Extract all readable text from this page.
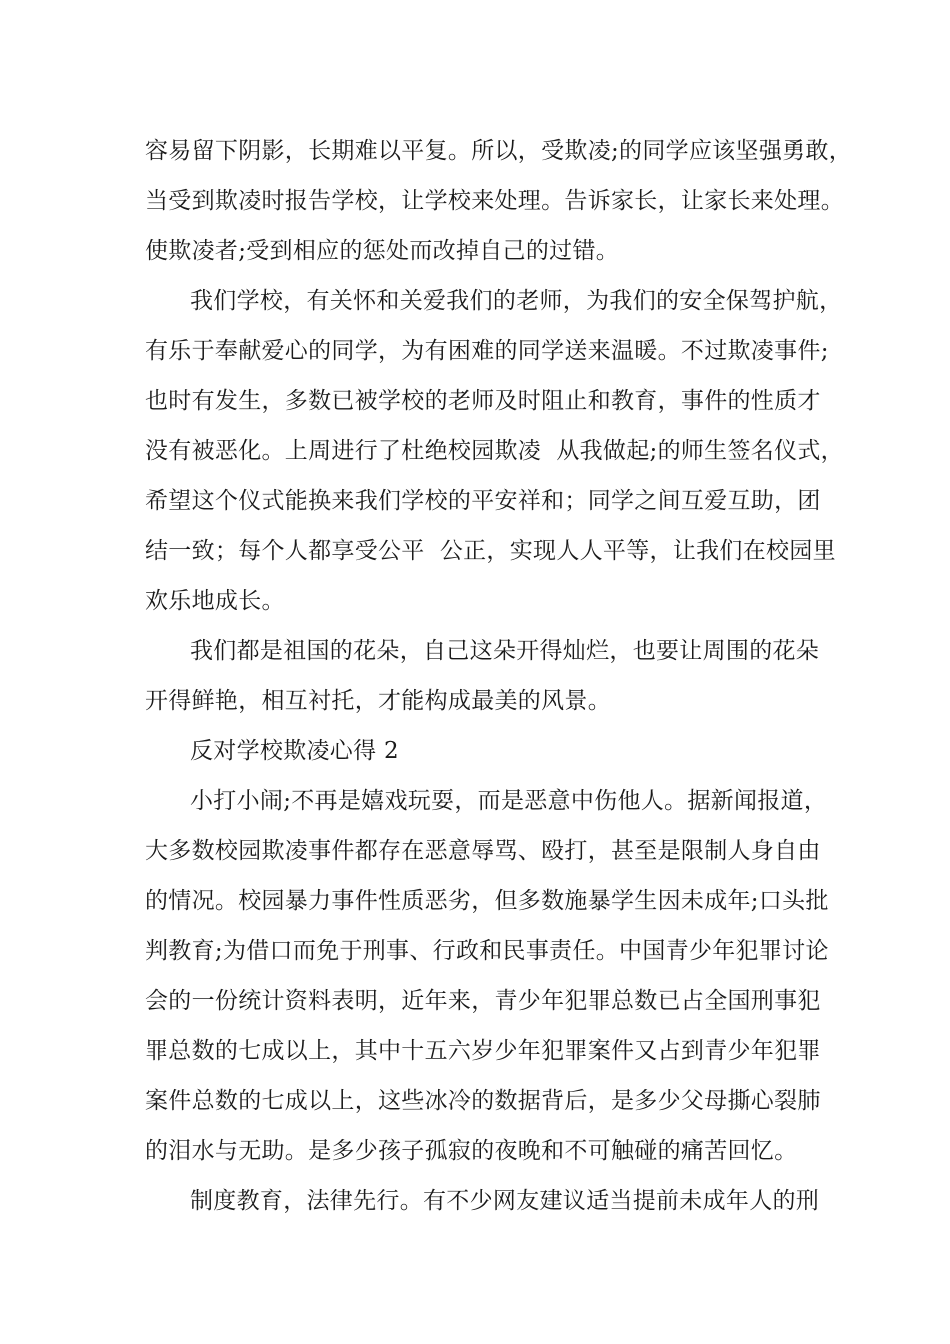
容易留下阴影，长期难以平复。所以，受欺凌;的同学应该坚强勇敢，
当受到欺凌时报告学校，让学校来处理。告诉家长，让家长来处理。
使欺凌者;受到相应的惩处而改掉自己的过错。
我们学校，有关怀和关爱我们的老师，为我们的安全保驾护航，
有乐于奉献爱心的同学，为有困难的同学送来温暖。不过欺凌事件;
也时有发生，多数已被学校的老师及时阻止和教育，事件的性质才
没有被恶化。上周进行了杜绝校园欺凌  从我做起;的师生签名仪式，
希望这个仪式能换来我们学校的平安祥和；同学之间互爱互助，团
结一致；每个人都享受公平  公正，实现人人平等，让我们在校园里
欢乐地成长。
我们都是祖国的花朵，自己这朵开得灿烂，也要让周围的花朵
开得鲜艳，相互衬托，才能构成最美的风景。
反对学校欺凌心得 2
小打小闹;不再是嬉戏玩耍，而是恶意中伤他人。据新闻报道，
大多数校园欺凌事件都存在恶意辱骂、殴打，甚至是限制人身自由
的情况。校园暴力事件性质恶劣，但多数施暴学生因未成年;口头批
判教育;为借口而免于刑事、行政和民事责任。中国青少年犯罪讨论
会的一份统计资料表明，近年来，青少年犯罪总数已占全国刑事犯
罪总数的七成以上，其中十五六岁少年犯罪案件又占到青少年犯罪
案件总数的七成以上，这些冰冷的数据背后，是多少父母撕心裂肺
的泪水与无助。是多少孩子孤寂的夜晚和不可触碰的痛苦回忆。
制度教育，法律先行。有不少网友建议适当提前未成年人的刑
